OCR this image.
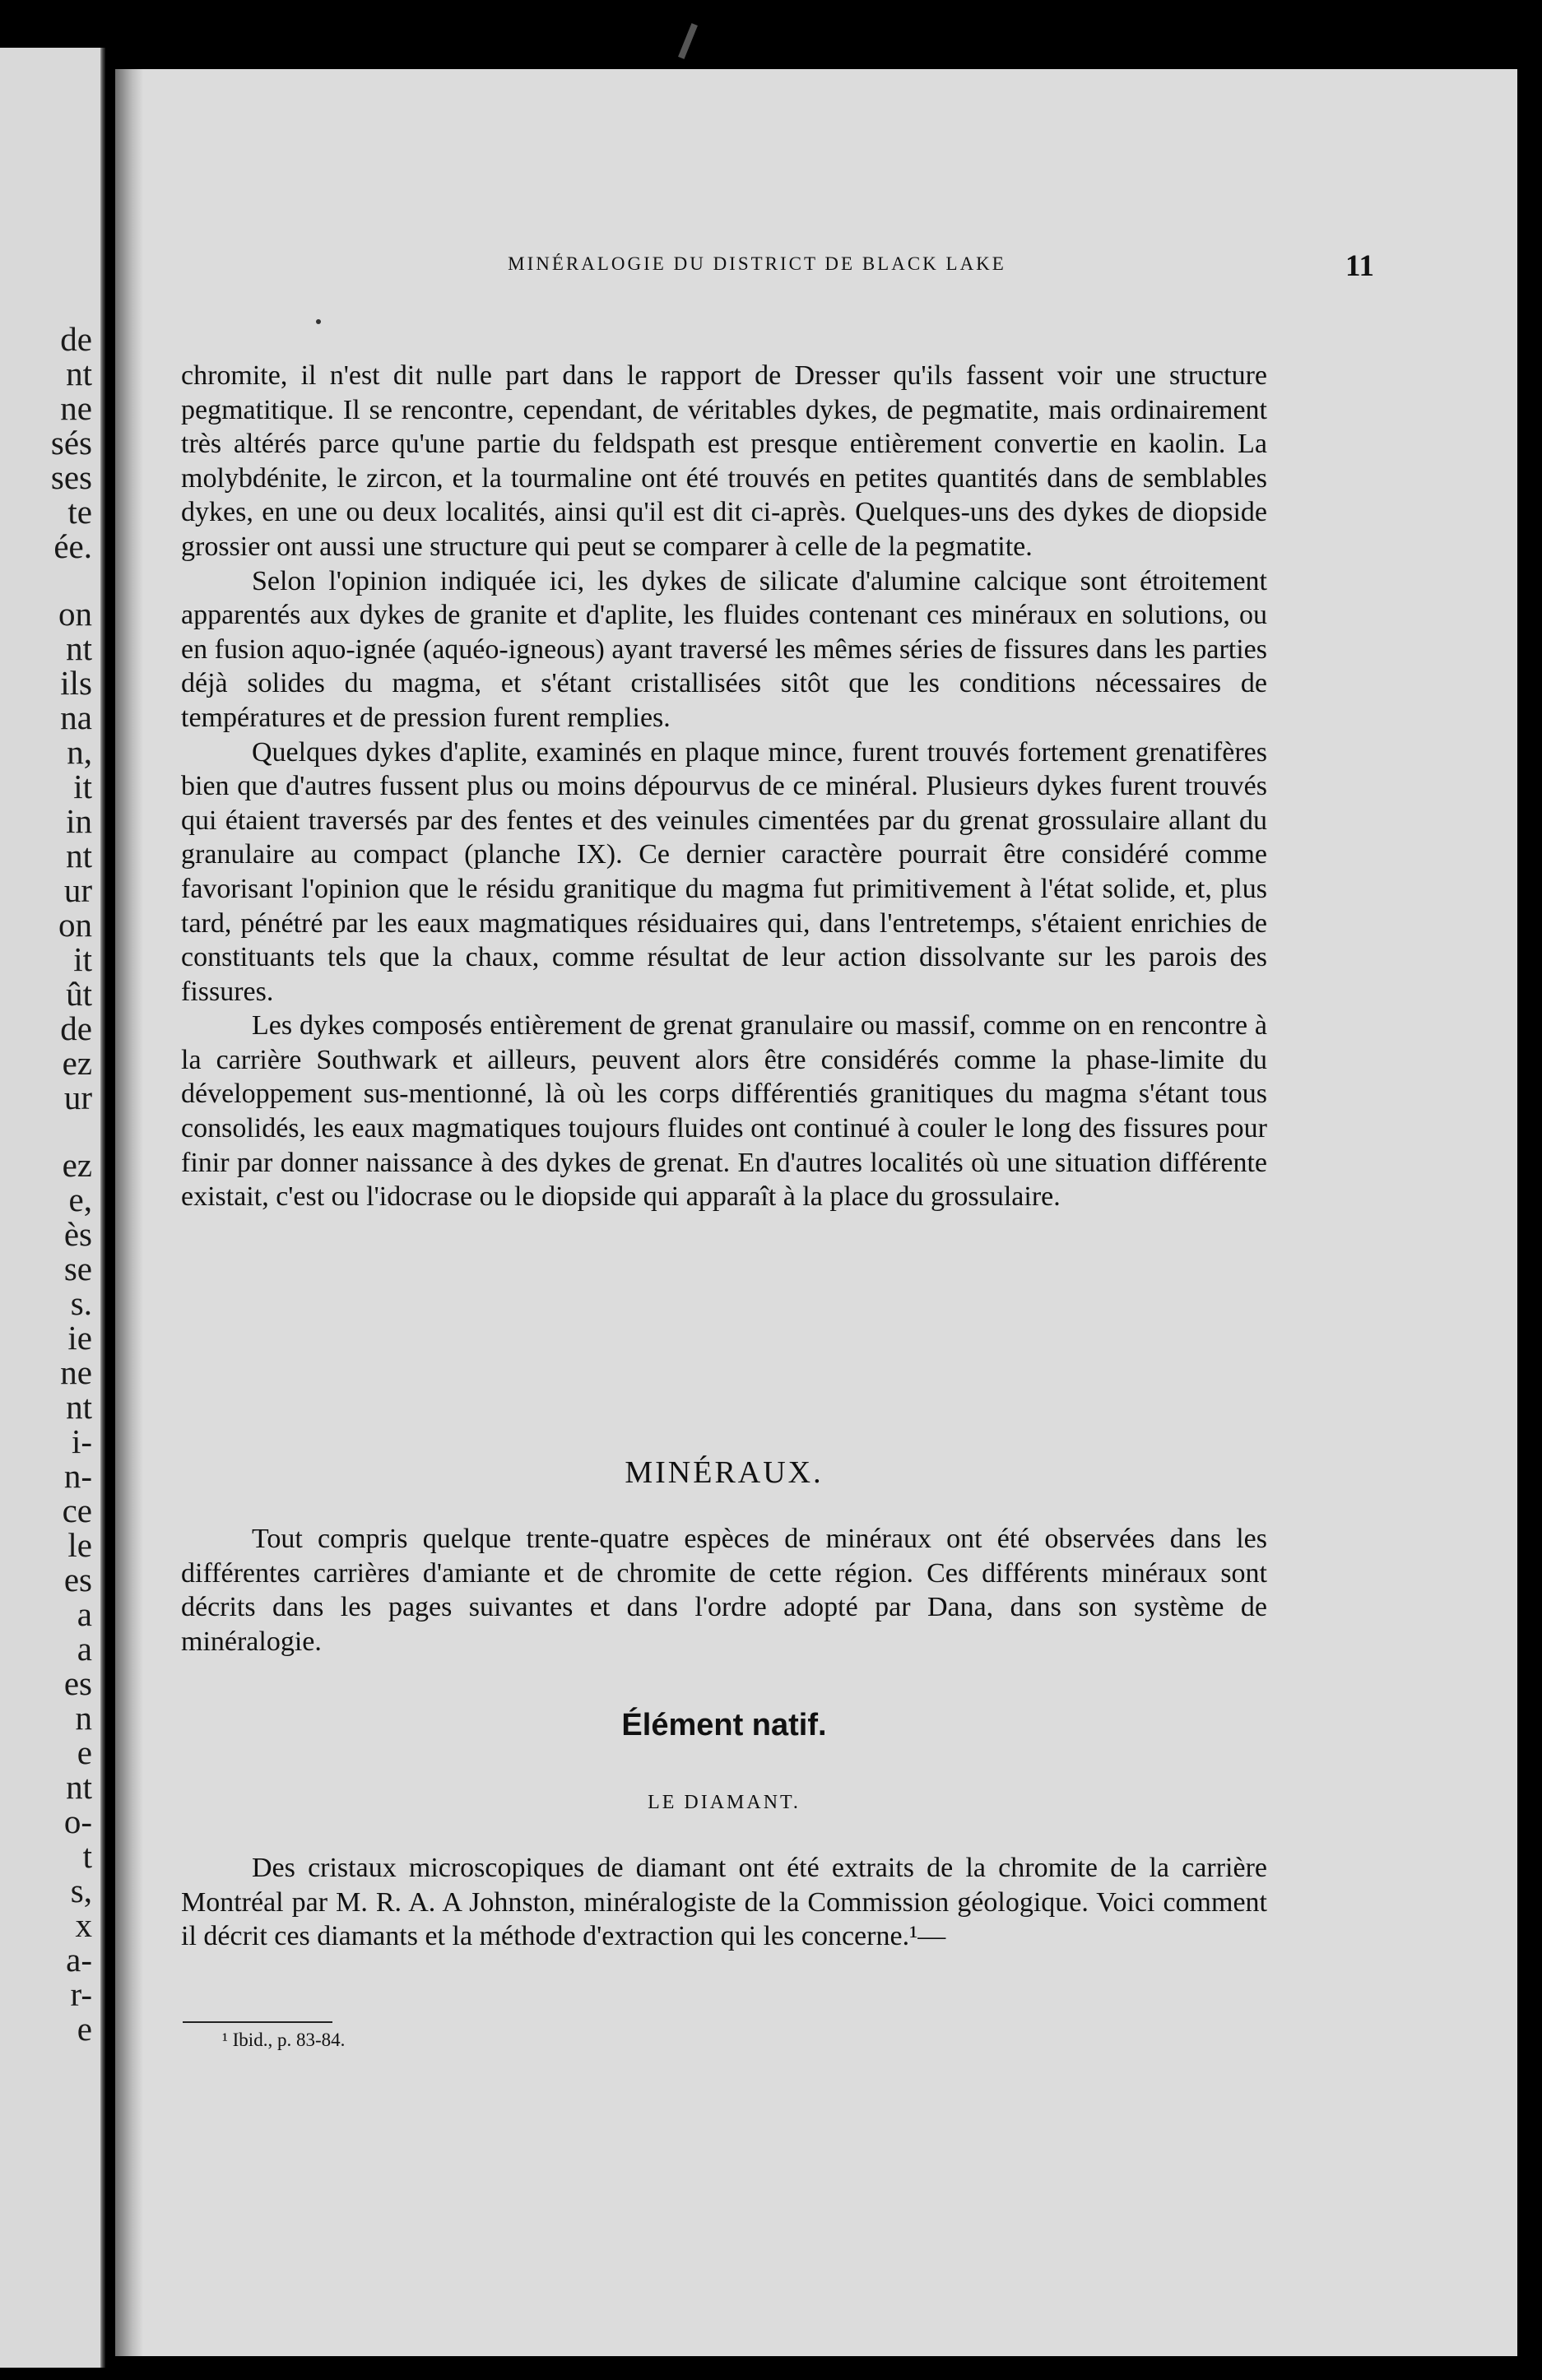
de
nt
ne
sés
ses
te
ée.
on
nt
ils
na
n,
it
in
nt
ur
on
it
ût
de
ez
ur
ez
e,
ès
se
s.
ie
ne
nt
i-
n-
ce
le
es
a
a
es
n
e
nt
o-
t
s,
x
a-
r-
e
MINÉRALOGIE DU DISTRICT DE BLACK LAKE	11

chromite, il n'est dit nulle part dans le rapport de Dresser qu'ils fassent voir une structure pegmatitique. Il se rencontre, cependant, de véritables dykes, de pegmatite, mais ordinairement très altérés parce qu'une partie du feldspath est presque entièrement convertie en kaolin. La molybdénite, le zircon, et la tourmaline ont été trouvés en petites quantités dans de semblables dykes, en une ou deux localités, ainsi qu'il est dit ci-après. Quelques-uns des dykes de diopside grossier ont aussi une structure qui peut se comparer à celle de la pegmatite.

Selon l'opinion indiquée ici, les dykes de silicate d'alumine calcique sont étroitement apparentés aux dykes de granite et d'aplite, les fluides contenant ces minéraux en solutions, ou en fusion aquo-ignée (aquéo-igneous) ayant traversé les mêmes séries de fissures dans les parties déjà solides du magma, et s'étant cristallisées sitôt que les conditions nécessaires de températures et de pression furent remplies.

Quelques dykes d'aplite, examinés en plaque mince, furent trouvés fortement grenatifères bien que d'autres fussent plus ou moins dépourvus de ce minéral. Plusieurs dykes furent trouvés qui étaient traversés par des fentes et des veinules cimentées par du grenat grossulaire allant du granulaire au compact (planche IX). Ce dernier caractère pourrait être considéré comme favorisant l'opinion que le résidu granitique du magma fut primitivement à l'état solide, et, plus tard, pénétré par les eaux magmatiques résiduaires qui, dans l'entretemps, s'étaient enrichies de constituants tels que la chaux, comme résultat de leur action dissolvante sur les parois des fissures.

Les dykes composés entièrement de grenat granulaire ou massif, comme on en rencontre à la carrière Southwark et ailleurs, peuvent alors être considérés comme la phase-limite du développement sus-mentionné, là où les corps différentiés granitiques du magma s'étant tous consolidés, les eaux magmatiques toujours fluides ont continué à couler le long des fissures pour finir par donner naissance à des dykes de grenat. En d'autres localités où une situation différente existait, c'est ou l'idocrase ou le diopside qui apparaît à la place du grossulaire.

MINÉRAUX.

Tout compris quelque trente-quatre espèces de minéraux ont été observées dans les différentes carrières d'amiante et de chromite de cette région. Ces différents minéraux sont décrits dans les pages suivantes et dans l'ordre adopté par Dana, dans son système de minéralogie.

Élément natif.
LE DIAMANT.

Des cristaux microscopiques de diamant ont été extraits de la chromite de la carrière Montréal par M. R. A. A Johnston, minéralogiste de la Commission géologique. Voici comment il décrit ces diamants et la méthode d'extraction qui les concerne.¹—

¹ Ibid., p. 83-84.
